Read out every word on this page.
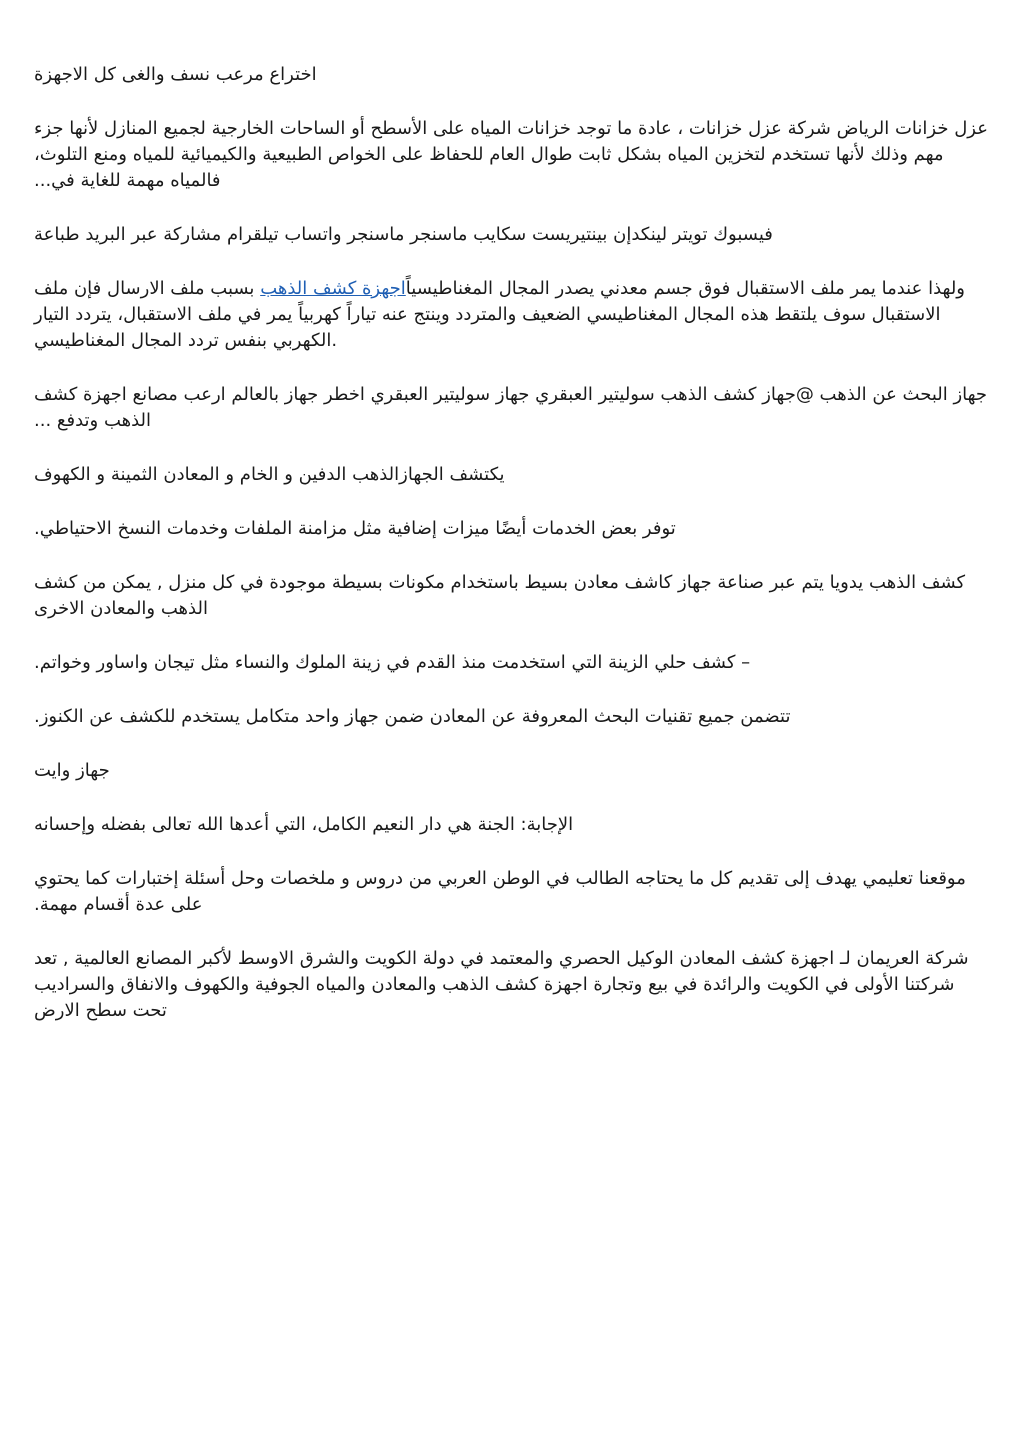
اختراع مرعب نسف والغى كل الاجهزة

عزل خزانات الرياض شركة عزل خزانات ، عادة ما توجد خزانات المياه على الأسطح أو الساحات الخارجية لجميع المنازل لأنها جزء مهم وذلك لأنها تستخدم لتخزين المياه بشكل ثابت طوال العام للحفاظ على الخواص الطبيعية والكيميائية للمياه ومنع التلوث، فالمياه مهمة للغاية في...

فيسبوك تويتر لينكدإن بينتيريست سكايب ماسنجر ماسنجر واتساب تيلقرام مشاركة عبر البريد طباعة

ولهذا عندما يمر ملف الاستقبال فوق جسم معدني يصدر المجال المغناطيسياًاجهزة كشف الذهب بسبب ملف الارسال فإن ملف الاستقبال سوف يلتقط هذه المجال المغناطيسي الضعيف والمتردد وينتج عنه تياراً كهربياً يمر في ملف الاستقبال، يتردد التيار الكهربي بنفس تردد المجال المغناطيسي.

جهاز البحث عن الذهب @جهاز كشف الذهب سوليتير العبقري جهاز سوليتير العبقري اخطر جهاز بالعالم ارعب مصانع اجهزة كشف الذهب وتدفع ...

يكتشف الجهازالذهب الدفين و الخام و المعادن الثمينة و الكهوف

توفر بعض الخدمات أيضًا ميزات إضافية مثل مزامنة الملفات وخدمات النسخ الاحتياطي.

كشف الذهب يدويا يتم عبر صناعة جهاز كاشف معادن بسيط باستخدام مكونات بسيطة موجودة في كل منزل , يمكن من كشف الذهب والمعادن الاخرى

– كشف حلي الزينة التي استخدمت منذ القدم في زينة الملوك والنساء مثل تيجان واساور وخواتم.

تتضمن جميع تقنيات البحث المعروفة عن المعادن ضمن جهاز واحد متكامل يستخدم للكشف عن الكنوز.

جهاز وايت

الإجابة: الجنة هي دار النعيم الكامل، التي أعدها الله تعالى بفضله وإحسانه

موقعنا تعليمي يهدف إلى تقديم كل ما يحتاجه الطالب في الوطن العربي من دروس و ملخصات وحل أسئلة إختبارات كما يحتوي على عدة أقسام مهمة.

شركة العريمان لـ اجهزة كشف المعادن الوكيل الحصري والمعتمد في دولة الكويت والشرق الاوسط لأكبر المصانع العالمية , تعد شركتنا الأولى في الكويت والرائدة في بيع وتجارة اجهزة كشف الذهب والمعادن والمياه الجوفية والكهوف والانفاق والسراديب تحت سطح الارض
